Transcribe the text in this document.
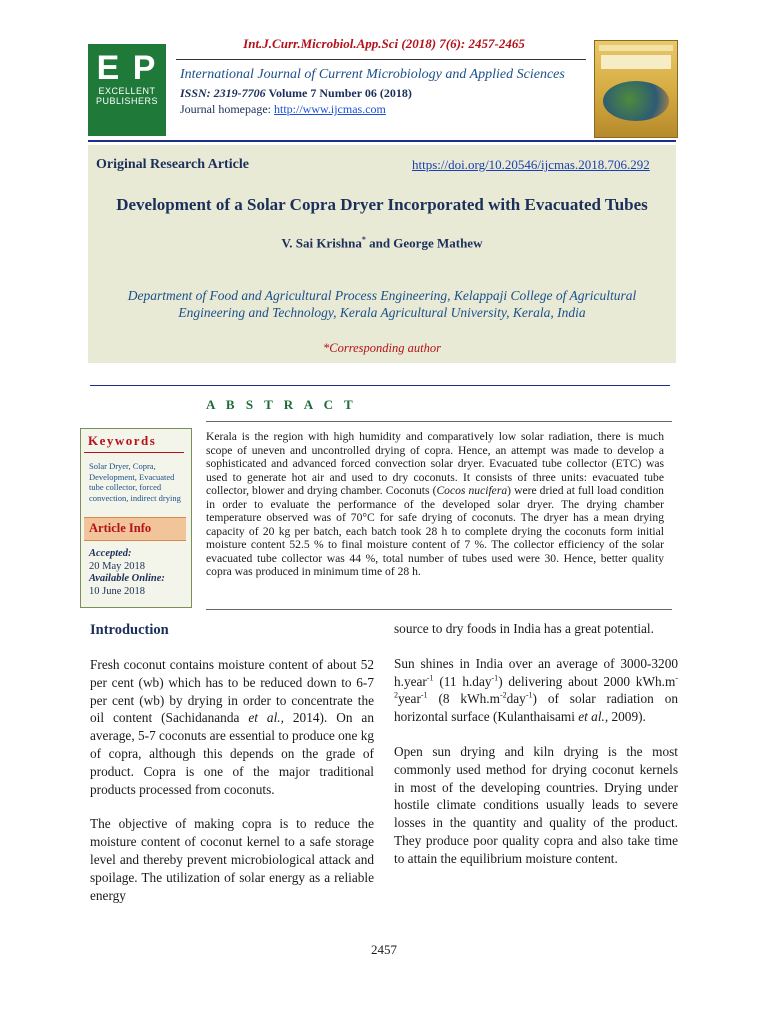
Int.J.Curr.Microbiol.App.Sci (2018) 7(6): 2457-2465
E P
EXCELLENT
PUBLISHERS
International Journal of Current Microbiology and Applied Sciences
ISSN: 2319-7706 Volume 7 Number 06 (2018)
Journal homepage: http://www.ijcmas.com
Original Research Article	https://doi.org/10.20546/ijcmas.2018.706.292
Development of a Solar Copra Dryer Incorporated with Evacuated Tubes
V. Sai Krishna* and George Mathew
Department of Food and Agricultural Process Engineering, Kelappaji College of Agricultural Engineering and Technology, Kerala Agricultural University, Kerala, India
*Corresponding author
A B S T R A C T
Keywords
Solar Dryer, Copra, Development, Evacuated tube collector, forced convection, indirect drying
Article Info
Accepted:
20 May 2018
Available Online:
10 June 2018
Kerala is the region with high humidity and comparatively low solar radiation, there is much scope of uneven and uncontrolled drying of copra. Hence, an attempt was made to develop a sophisticated and advanced forced convection solar dryer. Evacuated tube collector (ETC) was used to generate hot air and used to dry coconuts. It consists of three units: evacuated tube collector, blower and drying chamber. Coconuts (Cocos nucifera) were dried at full load condition in order to evaluate the performance of the developed solar dryer. The drying chamber temperature observed was of 70°C for safe drying of coconuts. The dryer has a mean drying capacity of 20 kg per batch, each batch took 28 h to complete drying the coconuts form initial moisture content 52.5 % to final moisture content of 7 %. The collector efficiency of the solar evacuated tube collector was 44 %, total number of tubes used were 30. Hence, better quality copra was produced in minimum time of 28 h.
Introduction

Fresh coconut contains moisture content of about 52 per cent (wb) which has to be reduced down to 6-7 per cent (wb) by drying in order to concentrate the oil content (Sachidananda et al., 2014). On an average, 5-7 coconuts are essential to produce one kg of copra, although this depends on the grade of product. Copra is one of the major traditional products processed from coconuts.

The objective of making copra is to reduce the moisture content of coconut kernel to a safe storage level and thereby prevent microbiological attack and spoilage. The utilization of solar energy as a reliable energy

source to dry foods in India has a great potential.

Sun shines in India over an average of 3000-3200 h.year$^{-1}$ (11 h.day$^{-1}$) delivering about 2000 $kWh.m^{-2}year^{-1}$ (8 $kWh.m^{-2}day^{-1}$) of solar radiation on horizontal surface (Kulanthaisami et al., 2009).

Open sun drying and kiln drying is the most commonly used method for drying coconut kernels in most of the developing countries. Drying under hostile climate conditions usually leads to severe losses in the quantity and quality of the product. They produce poor quality copra and also take time to attain the equilibrium moisture content.

2457
